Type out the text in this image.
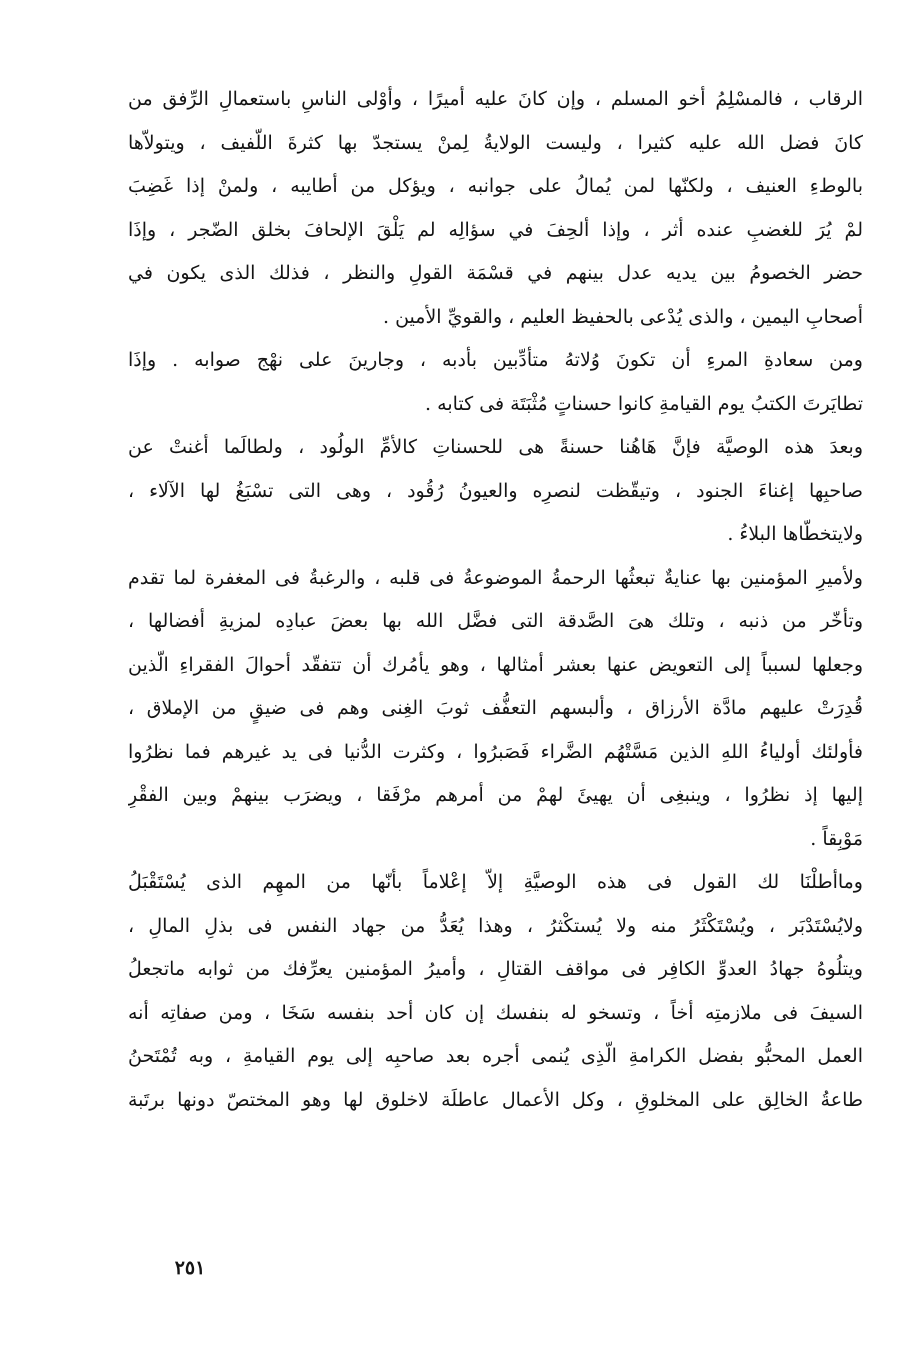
الرقاب ، فالمسْلِمُ أخو المسلم ، وإن كانَ عليه أميرًا ، وأوْلى الناسِ باستعمالِ الرِّفق من
كانَ فضل الله عليه كثيرا ، وليست الولايةُ لِمنْ يستجدّ بها كثرةَ اللّفيف ، ويتولاّها
بالوطءِ العنيف ، ولكنّها لمن يُمالُ على جوانبه ، ويؤكل من أطايبه ، ولمنْ إذا غَضِبَ
لمْ يُرَ للغضبِ عنده أثر ، وإذا ألحِفَ في سؤالِه لم يَلْقَ الإلحافَ بخلق الضّجر ، وإذَا
حضر الخصومُ بين يديه عدل بينهم في قسْمَة القولِ والنظر ، فذلك الذى يكون في
أصحابِ اليمين ، والذى يُدْعى بالحفيظ العليم ، والقويِّ الأمين .
ومن سعادةِ المرءِ أن تكونَ وُلاتهُ متأدِّبين بأدبه ، وجارينَ على نهْج صوابه . وإذَا
تطايَرتَ الكتبُ يوم القيامةِ كانوا حسناتٍ مُثْبَتَة فى كتابه .
وبعدَ هذه الوصيَّة فإنَّ هَاهُنا حسنةً هى للحسناتِ كالأمِّ الولُود ، ولطالَما أغنتْ عن
صاحبِها إغناءَ الجنود ، وتيقّظت لنصرِه والعيونُ رُقُود ، وهى التى تسْبَغُ لها الآلاء ،
ولايتخطّاها البلاءُ .
ولأميرِ المؤمنين بها عنايةٌ تبعثُها الرحمةُ الموضوعةُ فى قلبه ، والرغبةُ فى المغفرة لما تقدم
وتأخّر من ذنبه ، وتلك هىَ الصَّدقة التى فضَّل الله بها بعضَ عبادِه لمزيةِ أفضالها ،
وجعلها لسبباً إلى التعويض عنها بعشر أمثالها ، وهو يأمُرك أن تتفقّد أحوالَ الفقراءِ الّذين
قُدِرَتْ عليهم مادَّة الأرزاق ، وألبسهم التعفُّف ثوبَ الغِنى وهم فى ضيقٍ من الإملاق ،
فأولئك أولياءُ اللهِ الذين مَسَّتْهُم الضَّراء فَصَبرُوا ، وكثرت الدُّنيا فى يد غيرهم فما نظرُوا
إليها إذ نظرُوا ، وينبغِى أن يهيئَ لهمْ من أمرهم مرْفَقا ، ويضرَب بينهمْ وبين الفقْرِ
مَوْبِقاً .
وماأطلْنَا لك القول فى هذه الوصيَّةِ إلاّ إعْلاماً بأنّها من المهِم الذى يُسْتَقْبَلُ
ولايُسْتَدْبَر ، ويُسْتَكْثَرُ منه ولا يُستكْثرُ ، وهذا يُعَدُّ من جهاد النفس فى بذلِ المالِ ،
ويتلُوهُ جهادُ العدوِّ الكافِر فى مواقف القتالِ ، وأميرُ المؤمنين يعرِّفك من ثوابه ماتجعلُ
السيفَ فى ملازمتِه أخاً ، وتسخو له بنفسك إن كان أحد بنفسه سَخَا ، ومن صفاتِه أنه
العمل المحبُّو بفضل الكرامةِ الّذِى يُنمى أجره بعد صاحبِه إلى يوم القيامةِ ، وبه تُمْتَحنُ
طاعةُ الخالِق على المخلوقِ ، وكل الأعمال عاطلَة لاخلوق لها وهو المختصّ دونها برتَبة
٢٥١
